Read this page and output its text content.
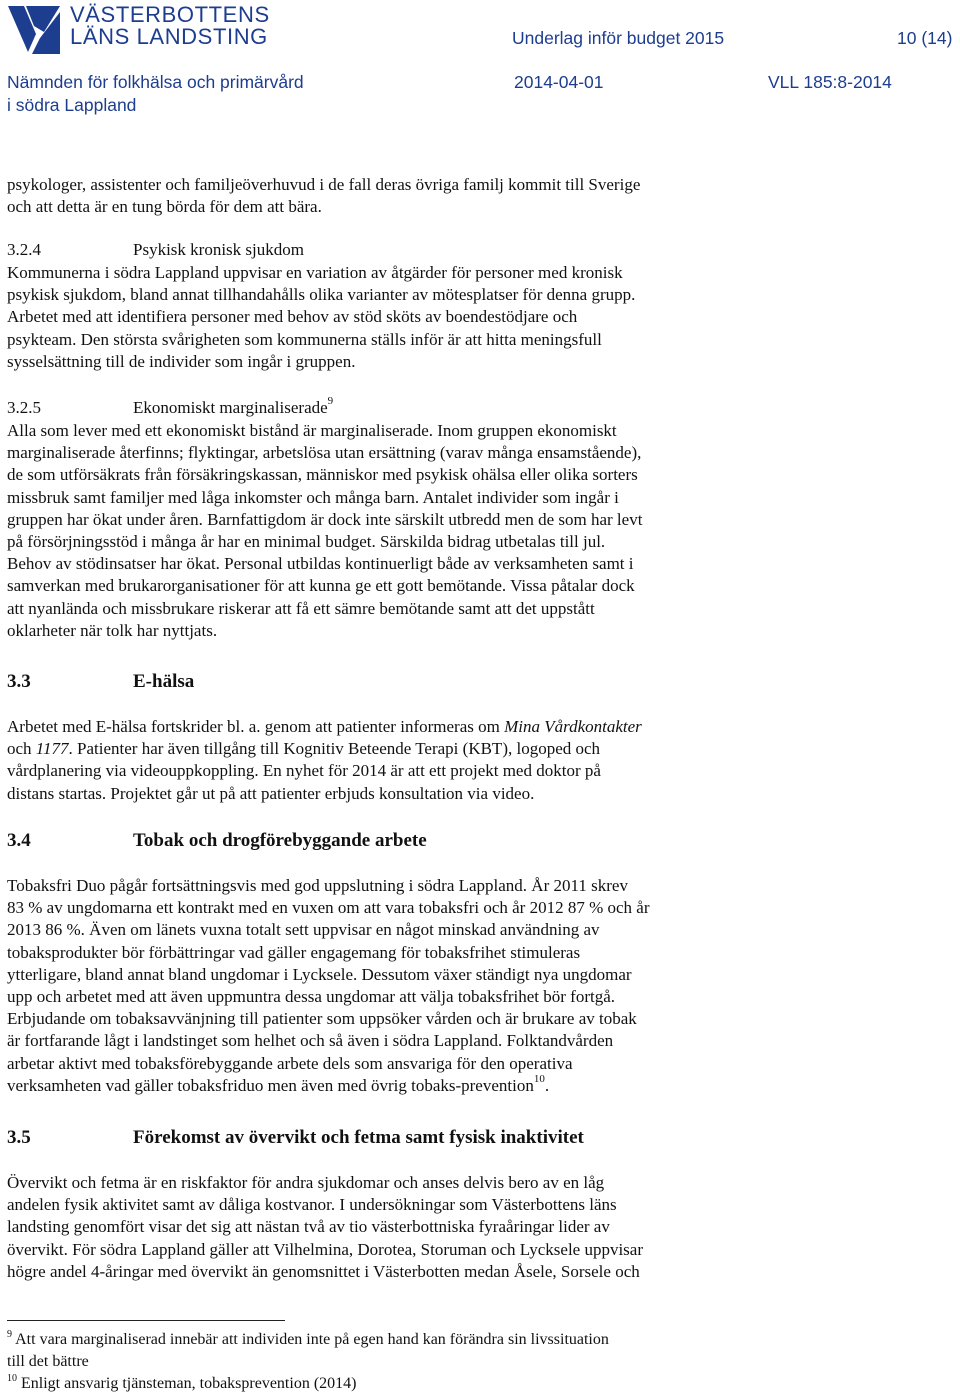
VÄSTERBOTTENS
LÄNS LANDSTING	Underlag inför budget 2015	10 (14)
Nämnden för folkhälsa och primärvård
i södra Lappland
2014-04-01	VLL 185:8-2014
psykologer, assistenter och familjeöverhuvud i de fall deras övriga familj kommit till Sverige
och att detta är en tung börda för dem att bära.
3.2.4	Psykisk kronisk sjukdom
Kommunerna i södra Lappland uppvisar en variation av åtgärder för personer med kronisk
psykisk sjukdom, bland annat tillhandahålls olika varianter av mötesplatser för denna grupp.
Arbetet med att identifiera personer med behov av stöd sköts av boendestödjare och
psykteam. Den största svårigheten som kommunerna ställs inför är att hitta meningsfull
sysselsättning till de individer som ingår i gruppen.
3.2.5	Ekonomiskt marginaliserade$^9$
Alla som lever med ett ekonomiskt bistånd är marginaliserade. Inom gruppen ekonomiskt
marginaliserade återfinns; flyktingar, arbetslösa utan ersättning (varav många ensamstående),
de som utförsäkrats från försäkringskassan, människor med psykisk ohälsa eller olika sorters
missbruk samt familjer med låga inkomster och många barn. Antalet individer som ingår i
gruppen har ökat under åren. Barnfattigdom är dock inte särskilt utbredd men de som har levt
på försörjningsstöd i många år har en minimal budget. Särskilda bidrag utbetalas till jul.
Behov av stödinsatser har ökat. Personal utbildas kontinuerligt både av verksamheten samt i
samverkan med brukarorganisationer för att kunna ge ett gott bemötande. Vissa påtalar dock
att nyanlända och missbrukare riskerar att få ett sämre bemötande samt att det uppstått
oklarheter när tolk har nyttjats.
3.3	E-hälsa
Arbetet med E-hälsa fortskrider bl. a. genom att patienter informeras om Mina Vårdkontakter
och 1177. Patienter har även tillgång till Kognitiv Beteende Terapi (KBT), logoped och
vårdplanering via videouppkoppling. En nyhet för 2014 är att ett projekt med doktor på
distans startas. Projektet går ut på att patienter erbjuds konsultation via video.
3.4	Tobak och drogförebyggande arbete
Tobaksfri Duo pågår fortsättningsvis med god uppslutning i södra Lappland. År 2011 skrev
83 % av ungdomarna ett kontrakt med en vuxen om att vara tobaksfri och år 2012 87 % och år
2013 86 %. Även om länets vuxna totalt sett uppvisar en något minskad användning av
tobaksprodukter bör förbättringar vad gäller engagemang för tobaksfrihet stimuleras
ytterligare, bland annat bland ungdomar i Lycksele. Dessutom växer ständigt nya ungdomar
upp och arbetet med att även uppmuntra dessa ungdomar att välja tobaksfrihet bör fortgå.
Erbjudande om tobaksavvänjning till patienter som uppsöker vården och är brukare av tobak
är fortfarande lågt i landstinget som helhet och så även i södra Lappland. Folktandvården
arbetar aktivt med tobaksförebyggande arbete dels som ansvariga för den operativa
verksamheten vad gäller tobaksfriduo men även med övrig tobaks-prevention$^{10}$.
3.5	Förekomst av övervikt och fetma samt fysisk inaktivitet
Övervikt och fetma är en riskfaktor för andra sjukdomar och anses delvis bero av en låg
andelen fysik aktivitet samt av dåliga kostvanor. I undersökningar som Västerbottens läns
landsting genomfört visar det sig att nästan två av tio västerbottniska fyraåringar lider av
övervikt. För södra Lappland gäller att Vilhelmina, Dorotea, Storuman och Lycksele uppvisar
högre andel 4-åringar med övervikt än genomsnittet i Västerbotten medan Åsele, Sorsele och
$^9$ Att vara marginaliserad innebär att individen inte på egen hand kan förändra sin livssituation
till det bättre
$^{10}$ Enligt ansvarig tjänsteman, tobaksprevention (2014)
